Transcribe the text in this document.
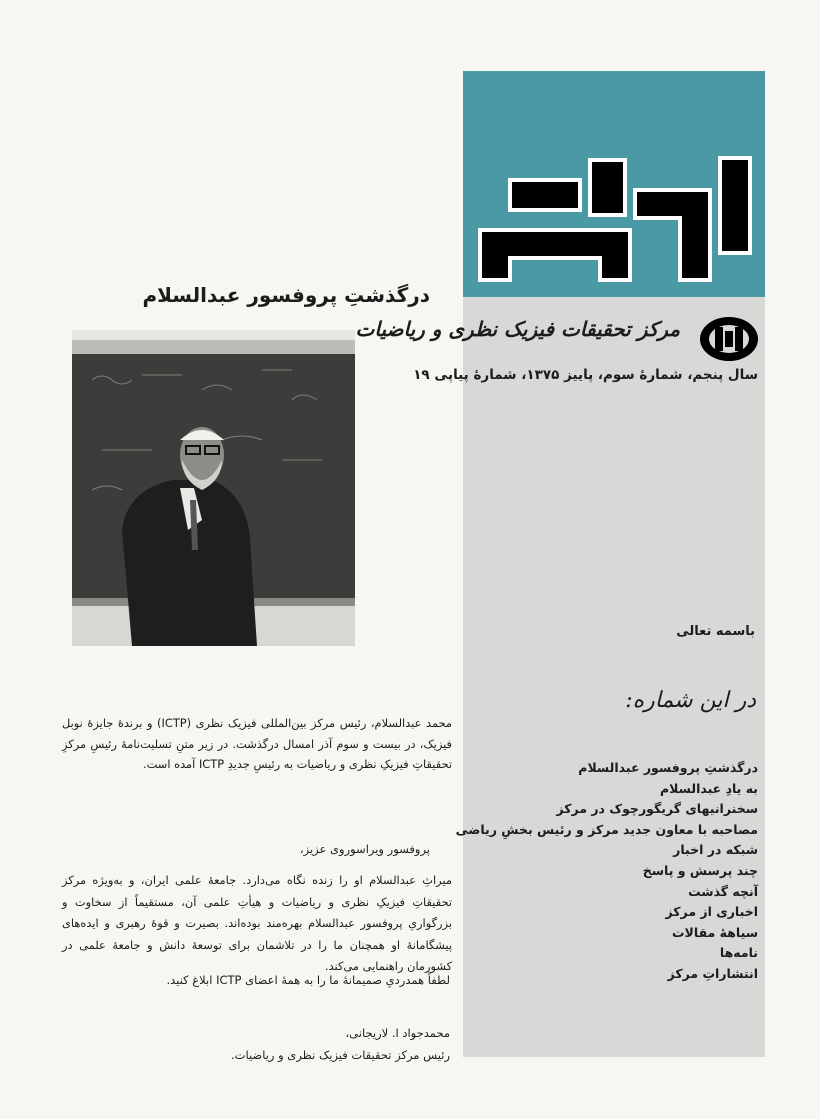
مرکز تحقیقات فیزیک نظری و ریاضیات
سال پنجم، شمارهٔ سوم، پاییز ۱۳۷۵، شمارهٔ پیاپی ۱۹
باسمه تعالی
در این شماره:
درگذشتِ پروفسور عبدالسلام
به یادِ عبدالسلام
سخنرانیهای گریگورچوک در مرکز
مصاحبه با معاون جدید مرکز و رئیس بخشِ ریاضی
شبکه در اخبار
چند پرسش و پاسخ
آنچه گذشت
اخباری از مرکز
سیاههٔ مقالات
نامه‌ها
انتشاراتِ مرکز
درگذشتِ پروفسور عبدالسلام

محمد عبدالسلام، رئیس مرکز بین‌المللی فیزیک نظری (ICTP) و برندهٔ جایزهٔ نوبل فیزیک، در بیست و سوم آذر امسال درگذشت. در زیر متنِ تسلیت‌نامهٔ رئیسِ مرکزِ تحقیقاتِ فیزیکِ نظری و ریاضیات به رئیسِ جدیدِ ICTP آمده است.

پروفسور ویراسوروی عزیز،

میراثِ عبدالسلام او را زنده نگاه می‌دارد. جامعهٔ علمی ایران، و به‌ویژه مرکز تحقیقاتِ فیزیکِ نظری و ریاضیات و هیأتِ علمی آن، مستقیماً از سخاوت و بزرگواریِ پروفسور عبدالسلام بهره‌مند بوده‌اند. بصیرت و قوهٔ رهبری و ایده‌های پیشگامانهٔ او همچنان ما را در تلاشمان برای توسعهٔ دانش و جامعهٔ علمی در کشورمان راهنمایی می‌کند.

لطفاً همدردیِ صمیمانهٔ ما را به همهٔ اعضای ICTP ابلاغ کنید.
محمدجواد ا. لاریجانی،
رئیس مرکز تحقیقات فیزیک نظری و ریاضیات.
